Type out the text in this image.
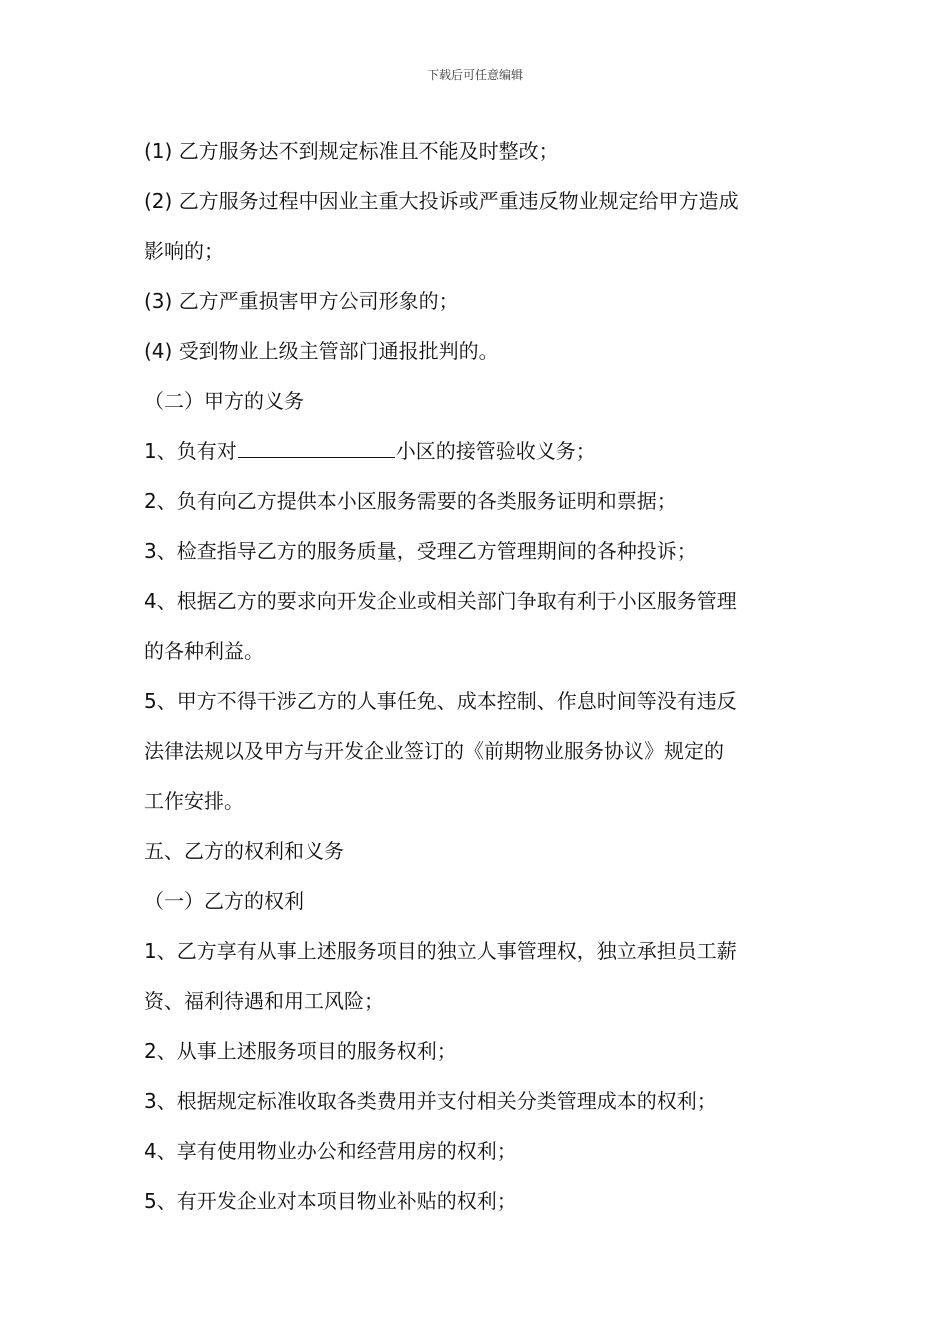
下载后可任意编辑
(1) 乙方服务达不到规定标准且不能及时整改；
(2) 乙方服务过程中因业主重大投诉或严重违反物业规定给甲方造成
影响的；
(3) 乙方严重损害甲方公司形象的；
(4) 受到物业上级主管部门通报批判的。
（二）甲方的义务
1、负有对	小区的接管验收义务；
2、负有向乙方提供本小区服务需要的各类服务证明和票据；
3、检查指导乙方的服务质量，受理乙方管理期间的各种投诉；
4、根据乙方的要求向开发企业或相关部门争取有利于小区服务管理
的各种利益。
5、甲方不得干涉乙方的人事任免、成本控制、作息时间等没有违反
法律法规以及甲方与开发企业签订的《前期物业服务协议》规定的
工作安排。
五、乙方的权利和义务
（一）乙方的权利
1、乙方享有从事上述服务项目的独立人事管理权，独立承担员工薪
资、福利待遇和用工风险；
2、从事上述服务项目的服务权利；
3、根据规定标准收取各类费用并支付相关分类管理成本的权利；
4、享有使用物业办公和经营用房的权利；
5、有开发企业对本项目物业补贴的权利；
